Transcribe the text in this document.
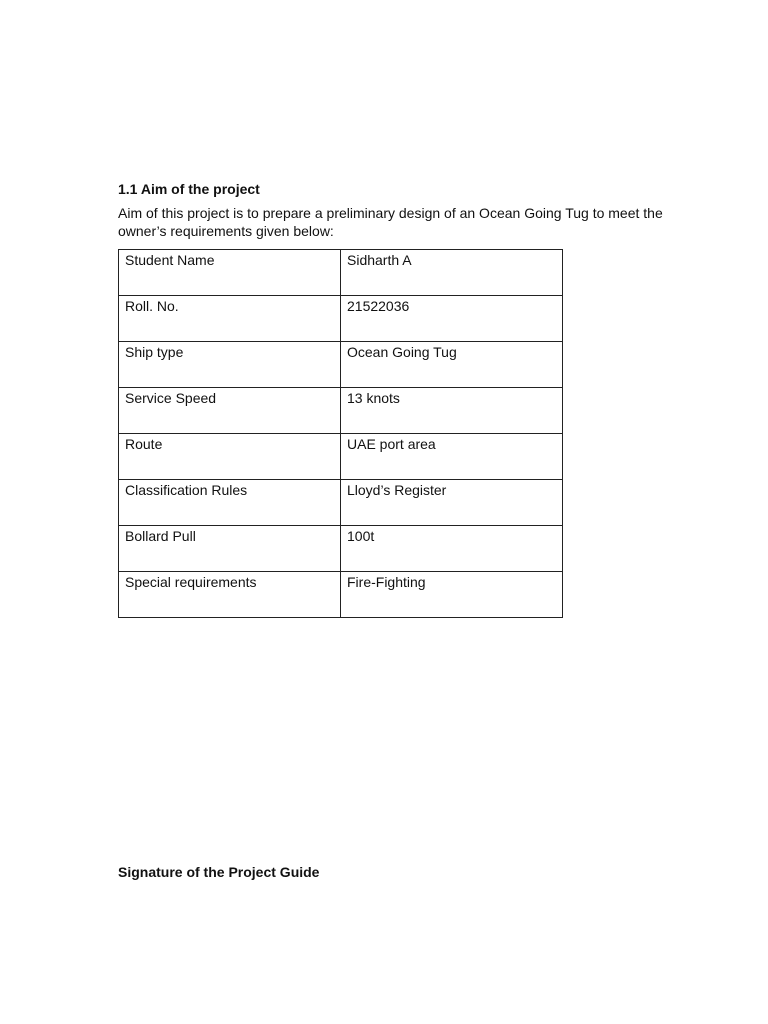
1.1 Aim of the project

Aim of this project is to prepare a preliminary design of an Ocean Going Tug to meet the owner’s requirements given below:

Student Name	Sidharth A
Roll. No.	21522036
Ship type	Ocean Going Tug
Service Speed	13 knots
Route	UAE port area
Classification Rules	Lloyd’s Register
Bollard Pull	100t
Special requirements	Fire-Fighting

Signature of the Project Guide
